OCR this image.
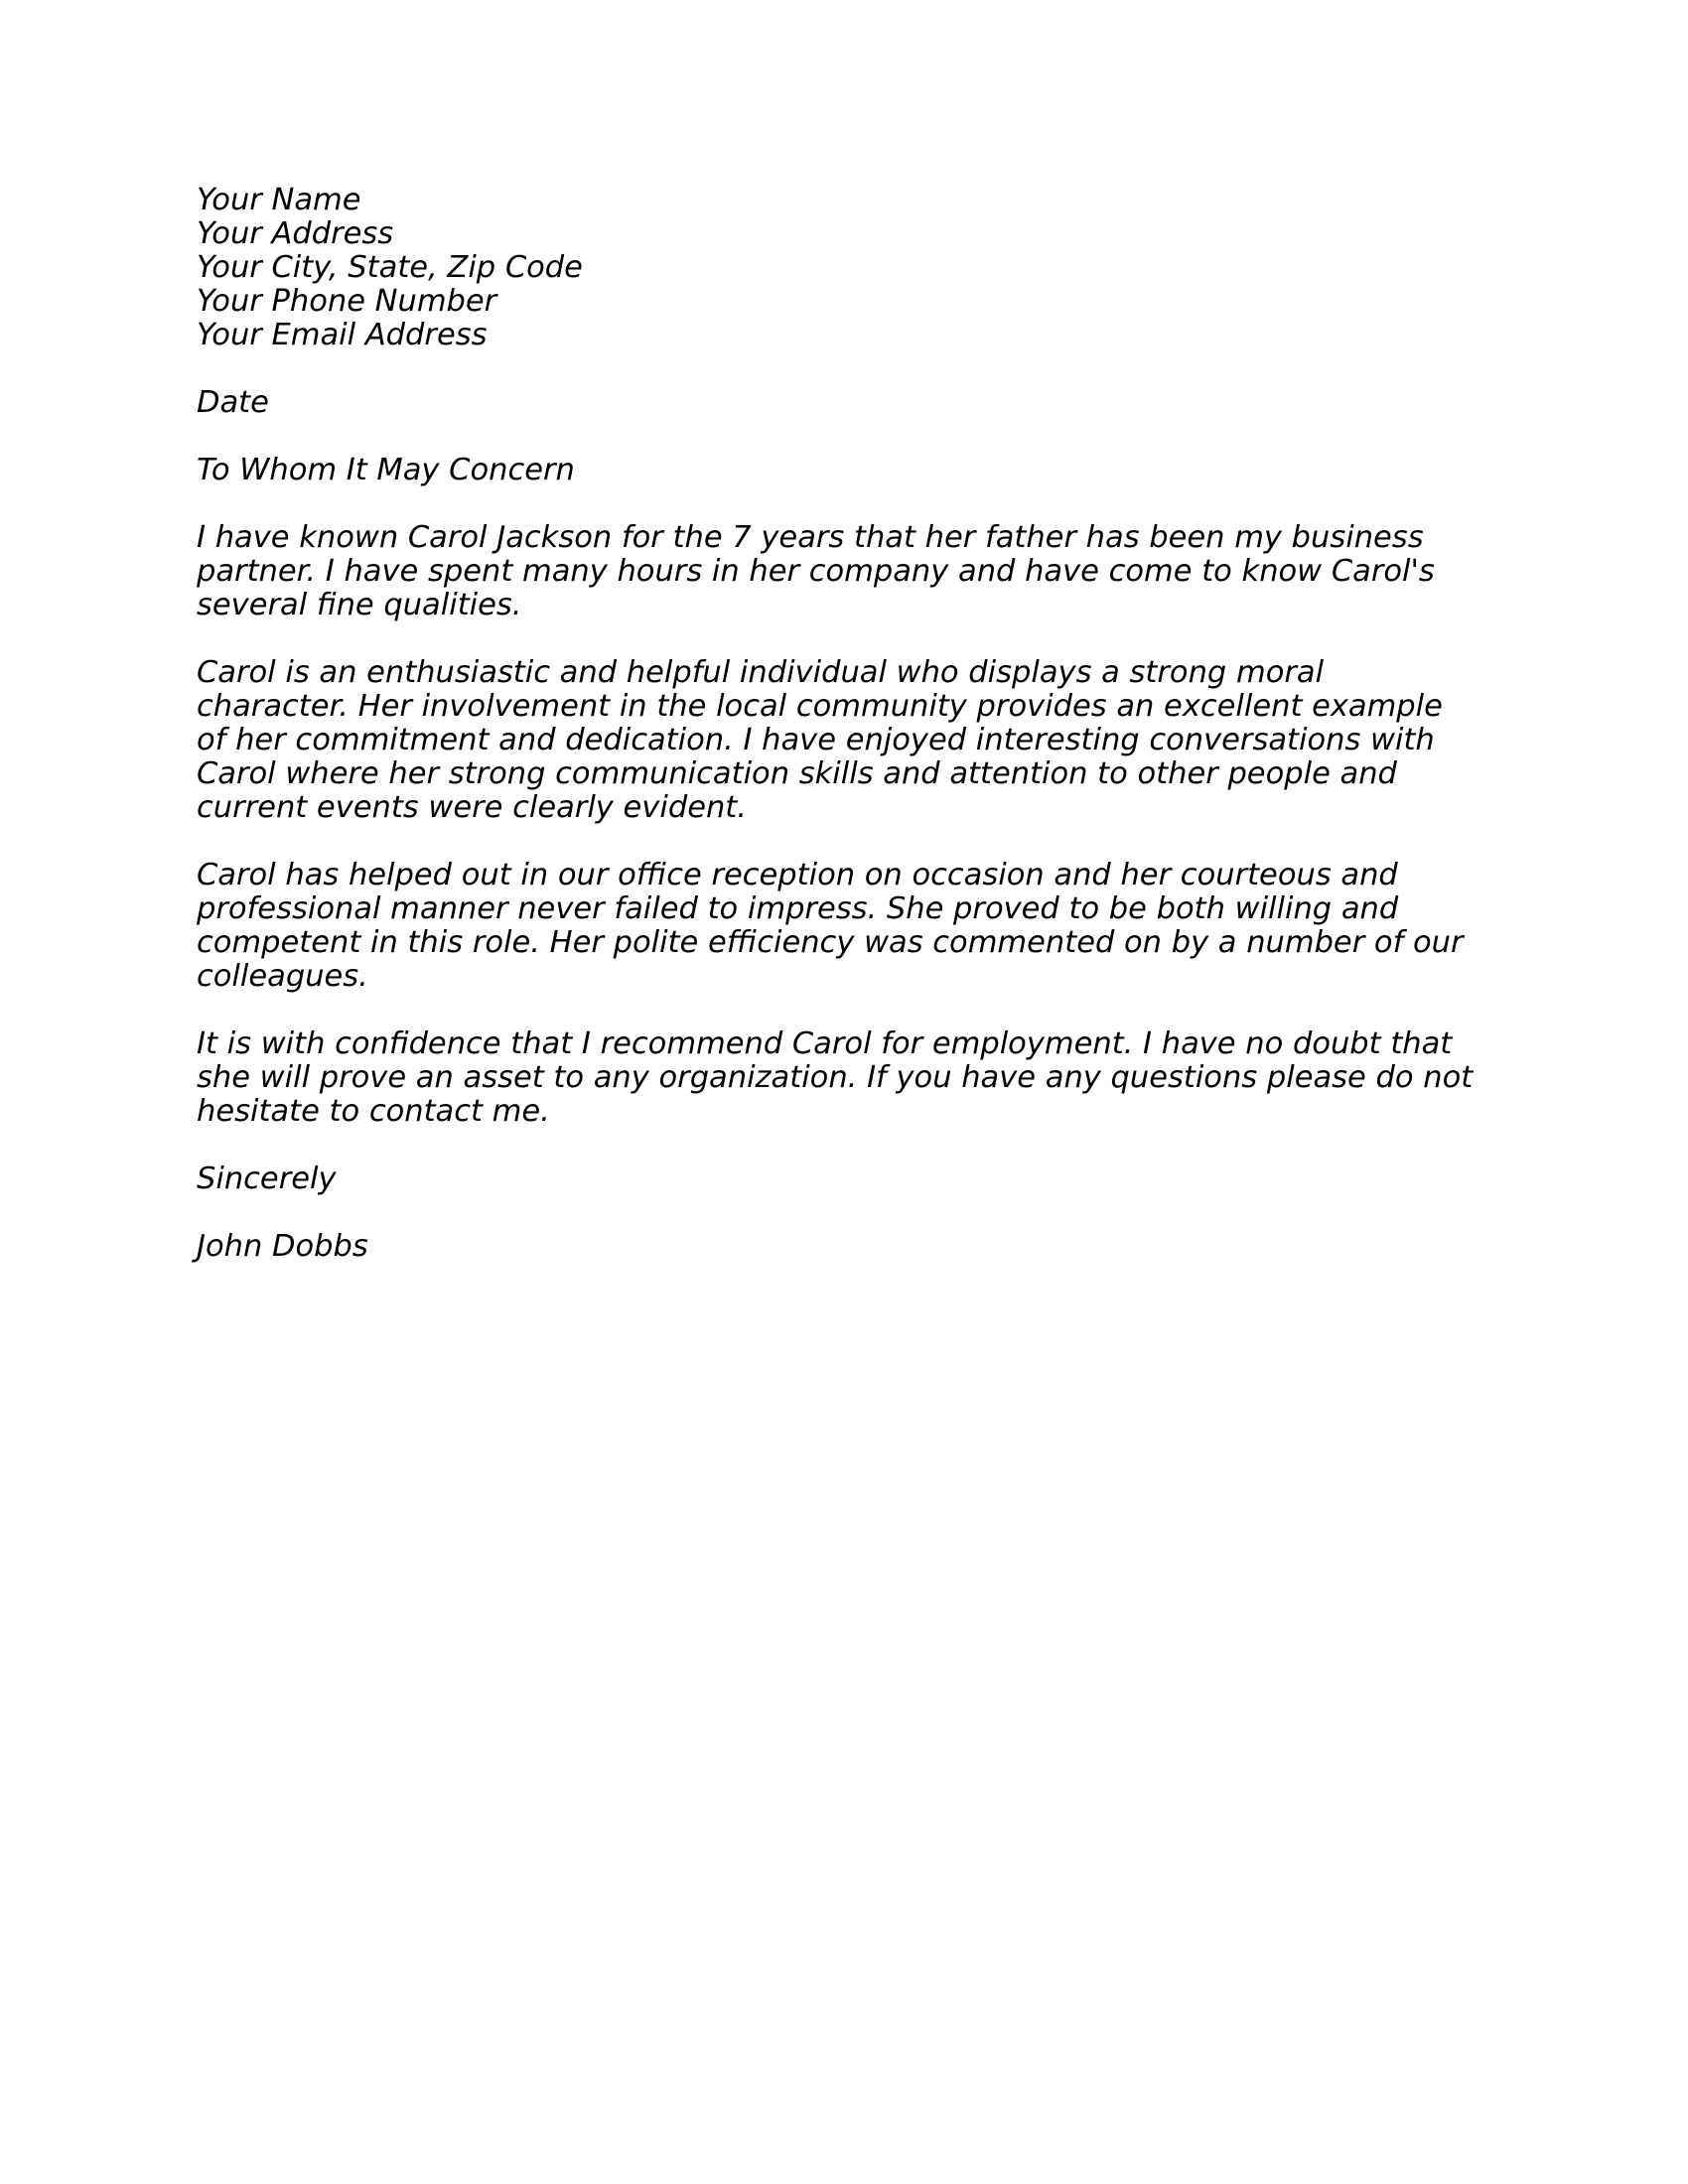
Your Name
Your Address
Your City, State, Zip Code
Your Phone Number
Your Email Address

Date

To Whom It May Concern

I have known Carol Jackson for the 7 years that her father has been my business partner. I have spent many hours in her company and have come to know Carol's several fine qualities.

Carol is an enthusiastic and helpful individual who displays a strong moral character. Her involvement in the local community provides an excellent example of her commitment and dedication. I have enjoyed interesting conversations with Carol where her strong communication skills and attention to other people and current events were clearly evident.

Carol has helped out in our office reception on occasion and her courteous and professional manner never failed to impress. She proved to be both willing and competent in this role. Her polite efficiency was commented on by a number of our colleagues.

It is with confidence that I recommend Carol for employment. I have no doubt that she will prove an asset to any organization. If you have any questions please do not hesitate to contact me.

Sincerely

John Dobbs
